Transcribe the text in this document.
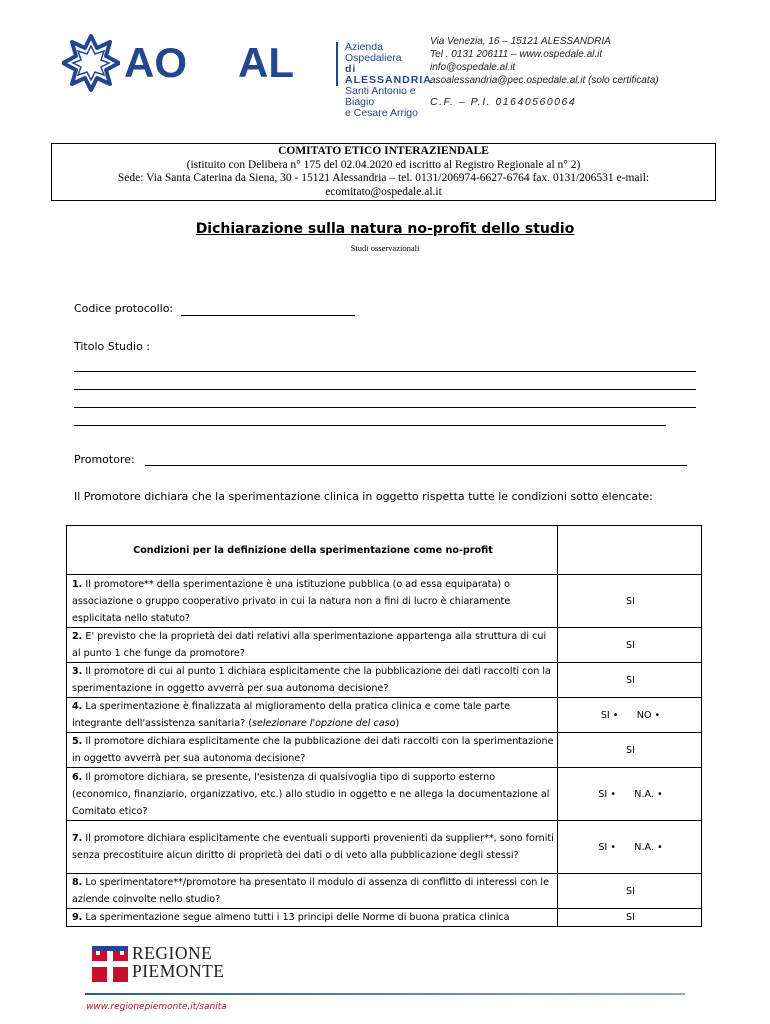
AO AL	Azienda Ospedaliera
di ALESSANDRIA
Santi Antonio e Biagio
e Cesare Arrigo
Via Venezia, 16 – 15121 ALESSANDRIA
Tel . 0131 206111 – www.ospedale.al.it
info@ospedale.al.it
asoalessandria@pec.ospedale.al.it (solo certificata)
C.F. – P.I. 01640560064
COMITATO ETICO INTERAZIENDALE
(istituito con Delibera n° 175 del 02.04.2020 ed iscritto al Registro Regionale al n° 2)
Sede: Via Santa Caterina da Siena, 30 - 15121 Alessandria – tel. 0131/206974-6627-6764 fax. 0131/206531 e-mail:
ecomitato@ospedale.al.it
Dichiarazione sulla natura no-profit dello studio
Studi osservazionali
Codice protocollo:
Titolo Studio :
Promotore:
Il Promotore dichiara che la sperimentazione clinica in oggetto rispetta tutte le condizioni sotto elencate:
Condizioni per la definizione della sperimentazione come no-profit	
1. Il promotore** della sperimentazione è una istituzione pubblica (o ad essa equiparata) o associazione o gruppo cooperativo privato in cui la natura non a fini di lucro è chiaramente esplicitata nello statuto?	SI
2. E' previsto che la proprietà dei dati relativi alla sperimentazione appartenga alla struttura di cui al punto 1 che funge da promotore?	SI
3. Il promotore di cui al punto 1 dichiara esplicitamente che la pubblicazione dei dati raccolti con la sperimentazione in oggetto avverrà per sua autonoma decisione?	SI
4. La sperimentazione è finalizzata al miglioramento della pratica clinica e come tale parte integrante dell'assistenza sanitaria? (selezionare l'opzione del caso)	SI •      NO •
5. Il promotore dichiara esplicitamente che la pubblicazione dei dati raccolti con la sperimentazione in oggetto avverrà per sua autonoma decisione?	SI
6. Il promotore dichiara, se presente, l'esistenza di qualsivoglia tipo di supporto esterno (economico, finanziario, organizzativo, etc.) allo studio in oggetto e ne allega la documentazione al Comitato etico?	SI •      N.A. •
7. Il promotore dichiara esplicitamente che eventuali supporti provenienti da supplier**, sono forniti senza precostituire alcun diritto di proprietà dei dati o di veto alla pubblicazione degli stessi?	SI •      N.A. •
8. Lo sperimentatore**/promotore ha presentato il modulo di assenza di conflitto di interessi con le aziende coinvolte nello studio?	SI
9. La sperimentazione segue almeno tutti i 13 principi delle Norme di buona pratica clinica	SI
REGIONE
PIEMONTE
www.regionepiemonte.it/sanita
